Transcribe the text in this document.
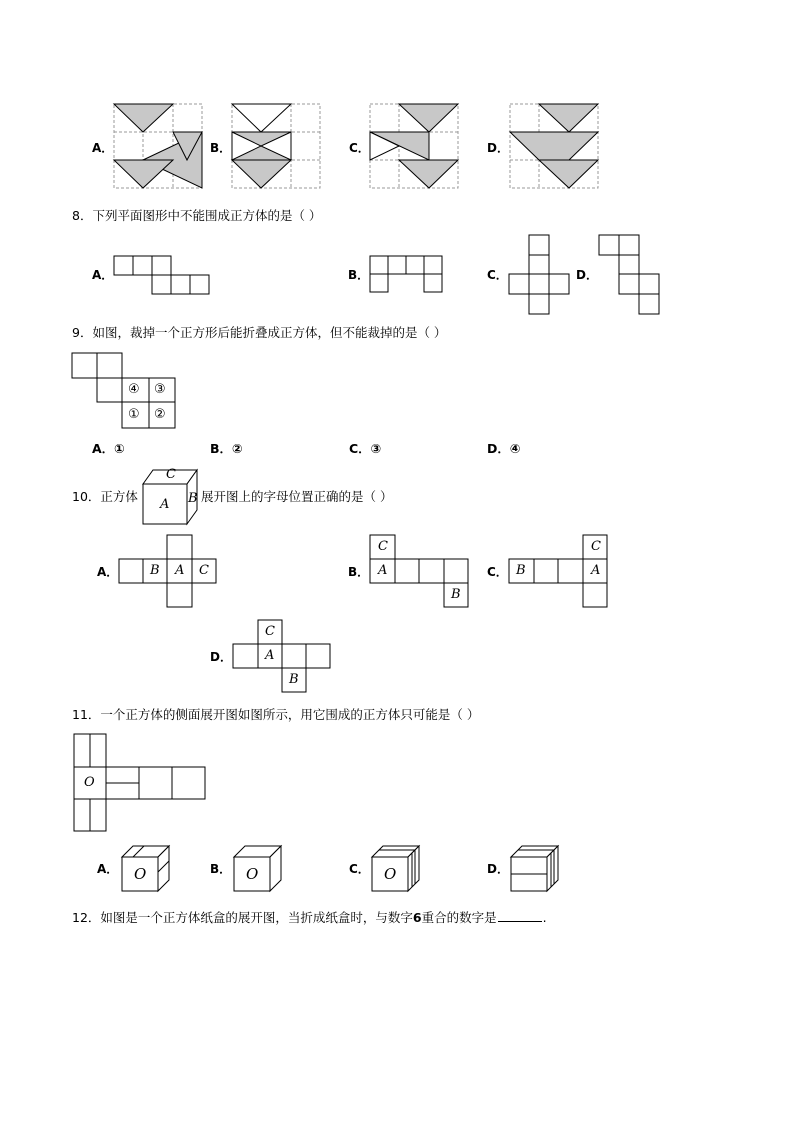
A．	B．	C．	D．
8．下列平面图形中不能围成正方体的是（ ）
A．	B．	C．	D．
9．如图，裁掉一个正方形后能折叠成正方体，但不能裁掉的是（ ）
④ ③
① ②
A．①	B．②	C．③	D．④
10．正方体	展开图上的字母位置正确的是（ ）
C
A B
A．	B．	C．
D．
B A C
C
A
B
C
B	A
C
A
B
11．一个正方体的侧面展开图如图所示，用它围成的正方体只可能是（ ）
O
O	O	O
A．	B．	C．	D．
12．如图是一个正方体纸盒的展开图，当折成纸盒时，与数字6重合的数字是	.
